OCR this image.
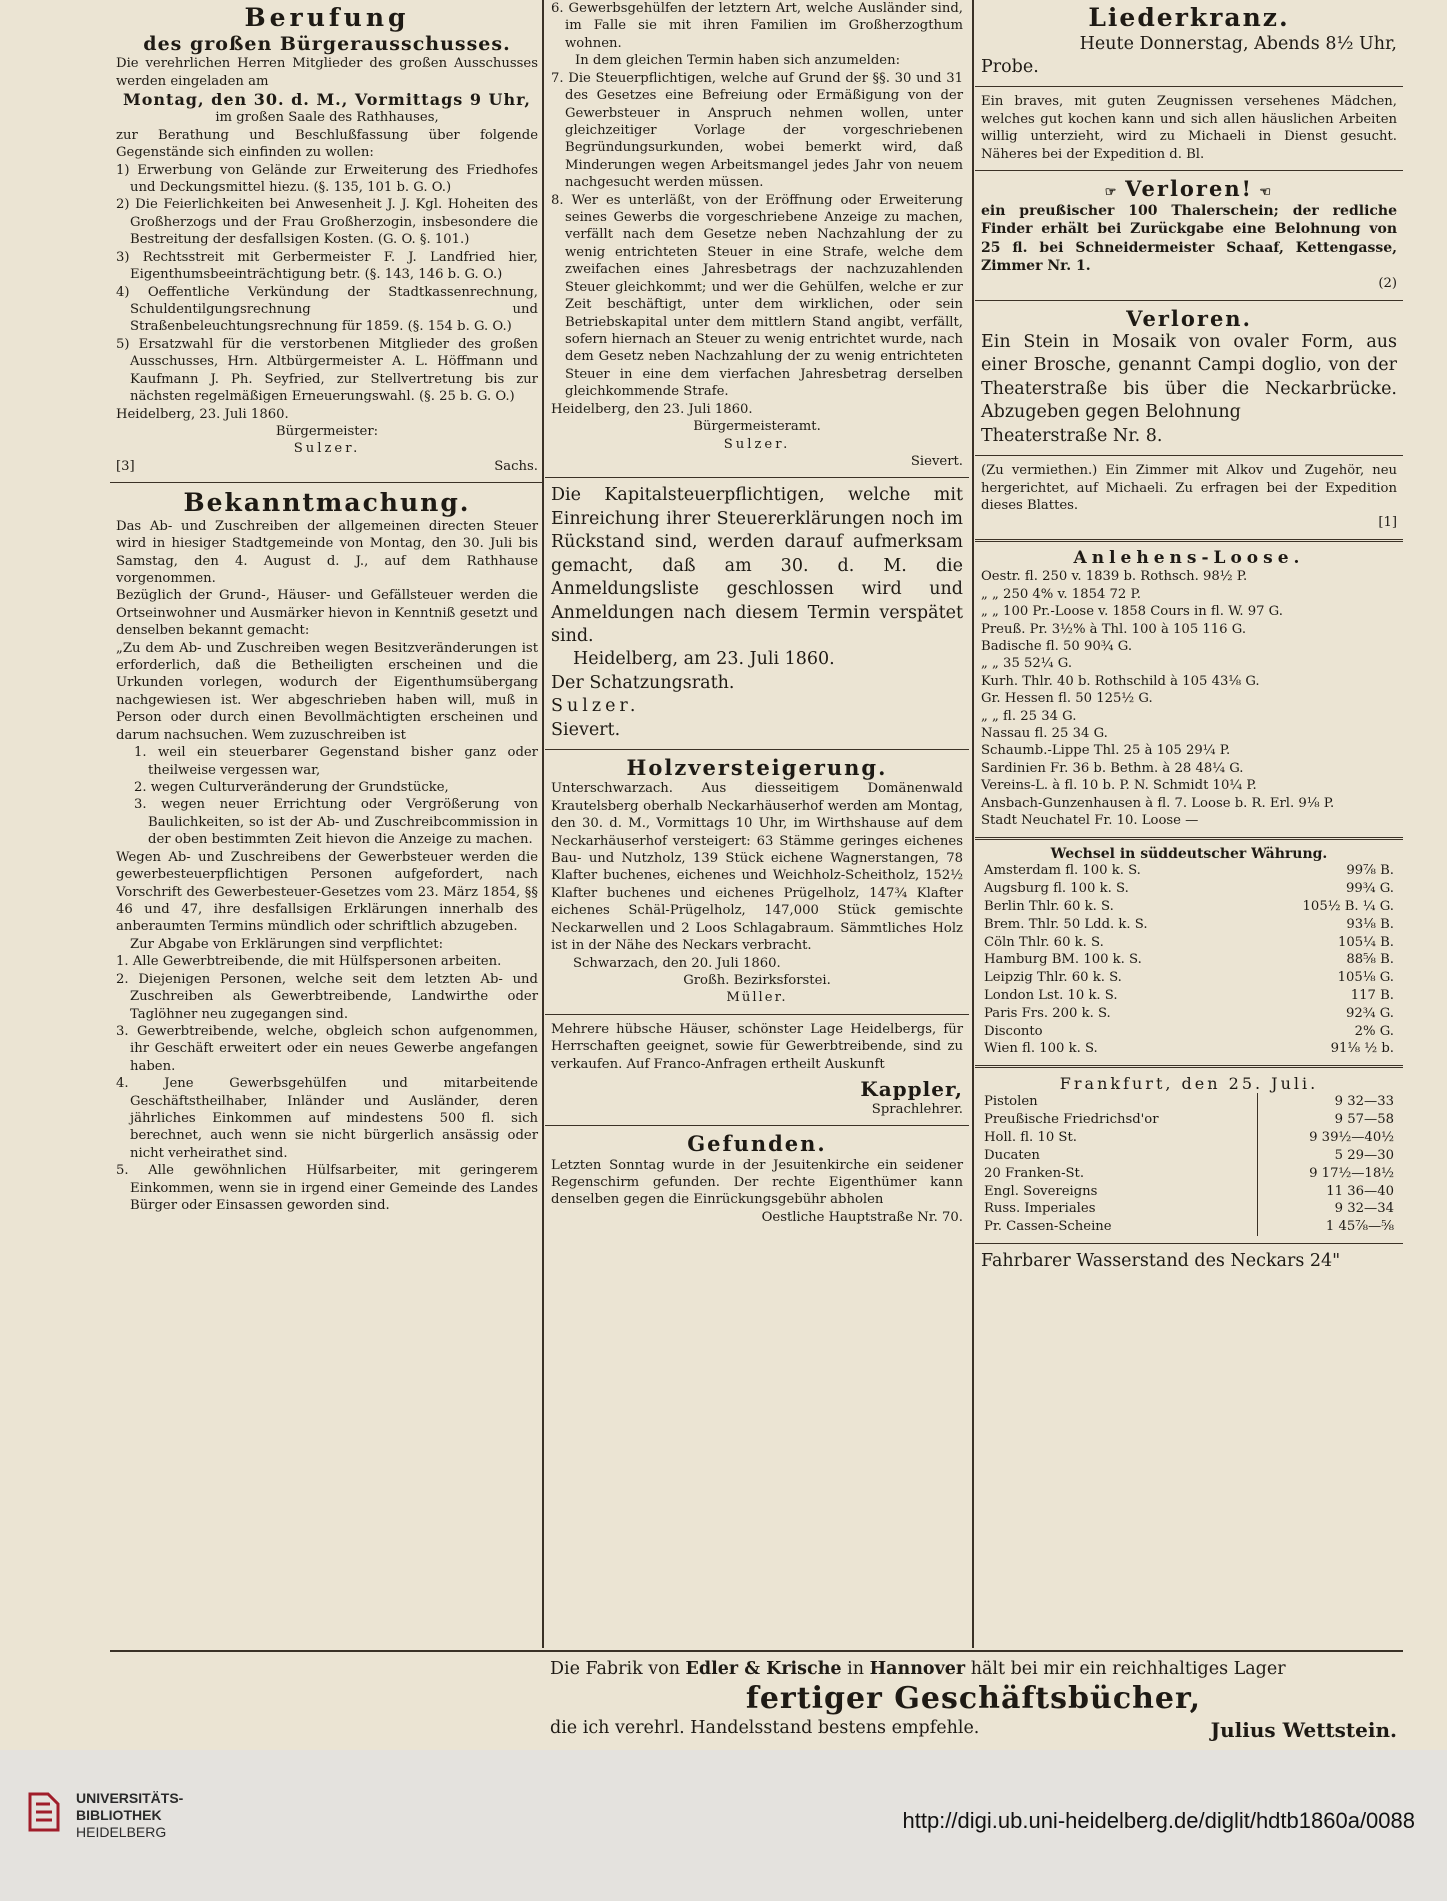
Berufung
des großen Bürgerausschusses.
Die verehrlichen Herren Mitglieder des großen Ausschusses werden eingeladen am
Montag, den 30. d. M., Vormittags 9 Uhr,
im großen Saale des Rathhauses,
zur Berathung und Beschlußfassung über folgende Gegenstände sich einfinden zu wollen:
1) Erwerbung von Gelände zur Erweiterung des Friedhofes und Deckungsmittel hiezu. (§. 135, 101 b. G. O.)
2) Die Feierlichkeiten bei Anwesenheit J. J. Kgl. Hoheiten des Großherzogs und der Frau Großherzogin, insbesondere die Bestreitung der desfallsigen Kosten. (G. O. §. 101.)
3) Rechtsstreit mit Gerbermeister F. J. Landfried hier, Eigenthumsbeeinträchtigung betr. (§. 143, 146 b. G. O.)
4) Oeffentliche Verkündung der Stadtkassenrechnung, Schuldentilgungsrechnung und Straßenbeleuchtungsrechnung für 1859. (§. 154 b. G. O.)
5) Ersatzwahl für die verstorbenen Mitglieder des großen Ausschusses, Hrn. Altbürgermeister A. L. Höffmann und Kaufmann J. Ph. Seyfried, zur Stellvertretung bis zur nächsten regelmäßigen Erneuerungswahl. (§. 25 b. G. O.)
Heidelberg, 23. Juli 1860.
Bürgermeister:
Sulzer.
[3]	Sachs.
Bekanntmachung.
Das Ab- und Zuschreiben der allgemeinen directen Steuer wird in hiesiger Stadtgemeinde von Montag, den 30. Juli bis Samstag, den 4. August d. J., auf dem Rathhause vorgenommen.
Bezüglich der Grund-, Häuser- und Gefällsteuer werden die Ortseinwohner und Ausmärker hievon in Kenntniß gesetzt und denselben bekannt gemacht:
„Zu dem Ab- und Zuschreiben wegen Besitzveränderungen ist erforderlich, daß die Betheiligten erscheinen und die Urkunden vorlegen, wodurch der Eigenthumsübergang nachgewiesen ist. Wer abgeschrieben haben will, muß in Person oder durch einen Bevollmächtigten erscheinen und darum nachsuchen. Wem zuzuschreiben ist
1. weil ein steuerbarer Gegenstand bisher ganz oder theilweise vergessen war,
2. wegen Culturveränderung der Grundstücke,
3. wegen neuer Errichtung oder Vergrößerung von Baulichkeiten, so ist der Ab- und Zuschreibcommission in der oben bestimmten Zeit hievon die Anzeige zu machen.
Wegen Ab- und Zuschreibens der Gewerbsteuer werden die gewerbesteuerpflichtigen Personen aufgefordert, nach Vorschrift des Gewerbesteuer-Gesetzes vom 23. März 1854, §§ 46 und 47, ihre desfallsigen Erklärungen innerhalb des anberaumten Termins mündlich oder schriftlich abzugeben.
Zur Abgabe von Erklärungen sind verpflichtet:
1. Alle Gewerbtreibende, die mit Hülfspersonen arbeiten.
2. Diejenigen Personen, welche seit dem letzten Ab- und Zuschreiben als Gewerbtreibende, Landwirthe oder Taglöhner neu zugegangen sind.
3. Gewerbtreibende, welche, obgleich schon aufgenommen, ihr Geschäft erweitert oder ein neues Gewerbe angefangen haben.
4. Jene Gewerbsgehülfen und mitarbeitende Geschäftstheilhaber, Inländer und Ausländer, deren jährliches Einkommen auf mindestens 500 fl. sich berechnet, auch wenn sie nicht bürgerlich ansässig oder nicht verheirathet sind.
5. Alle gewöhnlichen Hülfsarbeiter, mit geringerem Einkommen, wenn sie in irgend einer Gemeinde des Landes Bürger oder Einsassen geworden sind.
6. Gewerbsgehülfen der letztern Art, welche Ausländer sind, im Falle sie mit ihren Familien im Großherzogthum wohnen.
In dem gleichen Termin haben sich anzumelden:
7. Die Steuerpflichtigen, welche auf Grund der §§. 30 und 31 des Gesetzes eine Befreiung oder Ermäßigung von der Gewerbsteuer in Anspruch nehmen wollen, unter gleichzeitiger Vorlage der vorgeschriebenen Begründungsurkunden, wobei bemerkt wird, daß Minderungen wegen Arbeitsmangel jedes Jahr von neuem nachgesucht werden müssen.
8. Wer es unterläßt, von der Eröffnung oder Erweiterung seines Gewerbs die vorgeschriebene Anzeige zu machen, verfällt nach dem Gesetze neben Nachzahlung der zu wenig entrichteten Steuer in eine Strafe, welche dem zweifachen eines Jahresbetrags der nachzuzahlenden Steuer gleichkommt; und wer die Gehülfen, welche er zur Zeit beschäftigt, unter dem wirklichen, oder sein Betriebskapital unter dem mittlern Stand angibt, verfällt, sofern hiernach an Steuer zu wenig entrichtet wurde, nach dem Gesetz neben Nachzahlung der zu wenig entrichteten Steuer in eine dem vierfachen Jahresbetrag derselben gleichkommende Strafe.
Heidelberg, den 23. Juli 1860.
Bürgermeisteramt.
Sulzer.
Sievert.
Die Kapitalsteuerpflichtigen, welche mit Einreichung ihrer Steuererklärungen noch im Rückstand sind, werden darauf aufmerksam gemacht, daß am 30. d. M. die Anmeldungsliste geschlossen wird und Anmeldungen nach diesem Termin verspätet sind.
Heidelberg, am 23. Juli 1860.
Der Schatzungsrath.
Sulzer.
Sievert.
Holzversteigerung.
Unterschwarzach. Aus diesseitigem Domänenwald Krautelsberg oberhalb Neckarhäuserhof werden am Montag, den 30. d. M., Vormittags 10 Uhr, im Wirthshause auf dem Neckarhäuserhof versteigert: 63 Stämme geringes eichenes Bau- und Nutzholz, 139 Stück eichene Wagnerstangen, 78 Klafter buchenes, eichenes und Weichholz-Scheitholz, 152½ Klafter buchenes und eichenes Prügelholz, 147¾ Klafter eichenes Schäl-Prügelholz, 147,000 Stück gemischte Neckarwellen und 2 Loos Schlagabraum. Sämmtliches Holz ist in der Nähe des Neckars verbracht.
Schwarzach, den 20. Juli 1860.
Großh. Bezirksforstei.
Müller.
Mehrere hübsche Häuser, schönster Lage Heidelbergs, für Herrschaften geeignet, sowie für Gewerbtreibende, sind zu verkaufen. Auf Franco-Anfragen ertheilt Auskunft
Kappler,
Sprachlehrer.
Gefunden.
Letzten Sonntag wurde in der Jesuitenkirche ein seidener Regenschirm gefunden. Der rechte Eigenthümer kann denselben gegen die Einrückungsgebühr abholen
Oestliche Hauptstraße Nr. 70.
Liederkranz.
Heute Donnerstag, Abends 8½ Uhr,
Probe.
Ein braves, mit guten Zeugnissen versehenes Mädchen, welches gut kochen kann und sich allen häuslichen Arbeiten willig unterzieht, wird zu Michaeli in Dienst gesucht. Näheres bei der Expedition d. Bl.
☞ Verloren! ☜
ein preußischer 100 Thalerschein; der redliche Finder erhält bei Zurückgabe eine Belohnung von 25 fl. bei Schneidermeister Schaaf, Kettengasse, Zimmer Nr. 1.
(2)
Verloren.
Ein Stein in Mosaik von ovaler Form, aus einer Brosche, genannt Campi doglio, von der Theaterstraße bis über die Neckarbrücke. Abzugeben gegen Belohnung
Theaterstraße Nr. 8.
(Zu vermiethen.) Ein Zimmer mit Alkov und Zugehör, neu hergerichtet, auf Michaeli. Zu erfragen bei der Expedition dieses Blattes.
[1]
Anlehens-Loose.
Oestr. fl. 250 v. 1839 b. Rothsch. 98½ P.
„ „ 250 4% v. 1854 72 P.
„ „ 100 Pr.-Loose v. 1858 Cours in fl. W. 97 G.
Preuß. Pr. 3½% à Thl. 100 à 105 116 G.
Badische fl. 50 90¾ G.
„ „ 35 52¼ G.
Kurh. Thlr. 40 b. Rothschild à 105 43⅛ G.
Gr. Hessen fl. 50 125½ G.
„ „ fl. 25 34 G.
Nassau fl. 25 34 G.
Schaumb.-Lippe Thl. 25 à 105 29¼ P.
Sardinien Fr. 36 b. Bethm. à 28 48¼ G.
Vereins-L. à fl. 10 b. P. N. Schmidt 10¼ P.
Ansbach-Gunzenhausen à fl. 7. Loose b. R. Erl. 9⅛ P.
Stadt Neuchatel Fr. 10. Loose —
Wechsel in süddeutscher Währung.
Amsterdam fl. 100 k. S.	99⅞ B.
Augsburg fl. 100 k. S.	99¾ G.
Berlin Thlr. 60 k. S.	105½ B. ¼ G.
Brem. Thlr. 50 Ldd. k. S.	93⅛ B.
Cöln Thlr. 60 k. S.	105¼ B.
Hamburg BM. 100 k. S.	88⅝ B.
Leipzig Thlr. 60 k. S.	105⅛ G.
London Lst. 10 k. S.	117 B.
Paris Frs. 200 k. S.	92¾ G.
Disconto	2% G.
Wien fl. 100 k. S.	91⅛ ½ b.
Frankfurt, den 25. Juli.
Pistolen	9 32—33
Preußische Friedrichsd'or	9 57—58
Holl. fl. 10 St.	9 39½—40½
Ducaten	5 29—30
20 Franken-St.	9 17½—18½
Engl. Sovereigns	11 36—40
Russ. Imperiales	9 32—34
Pr. Cassen-Scheine	1 45⅞—⅝
Fahrbarer Wasserstand des Neckars 24"
Die Fabrik von Edler & Krische in Hannover hält bei mir ein reichhaltiges Lager
fertiger Geschäftsbücher,
die ich verehrl. Handelsstand bestens empfehle.	Julius Wettstein.
UNIVERSITÄTS-
BIBLIOTHEK
HEIDELBERG	http://digi.ub.uni-heidelberg.de/diglit/hdtb1860a/0088
